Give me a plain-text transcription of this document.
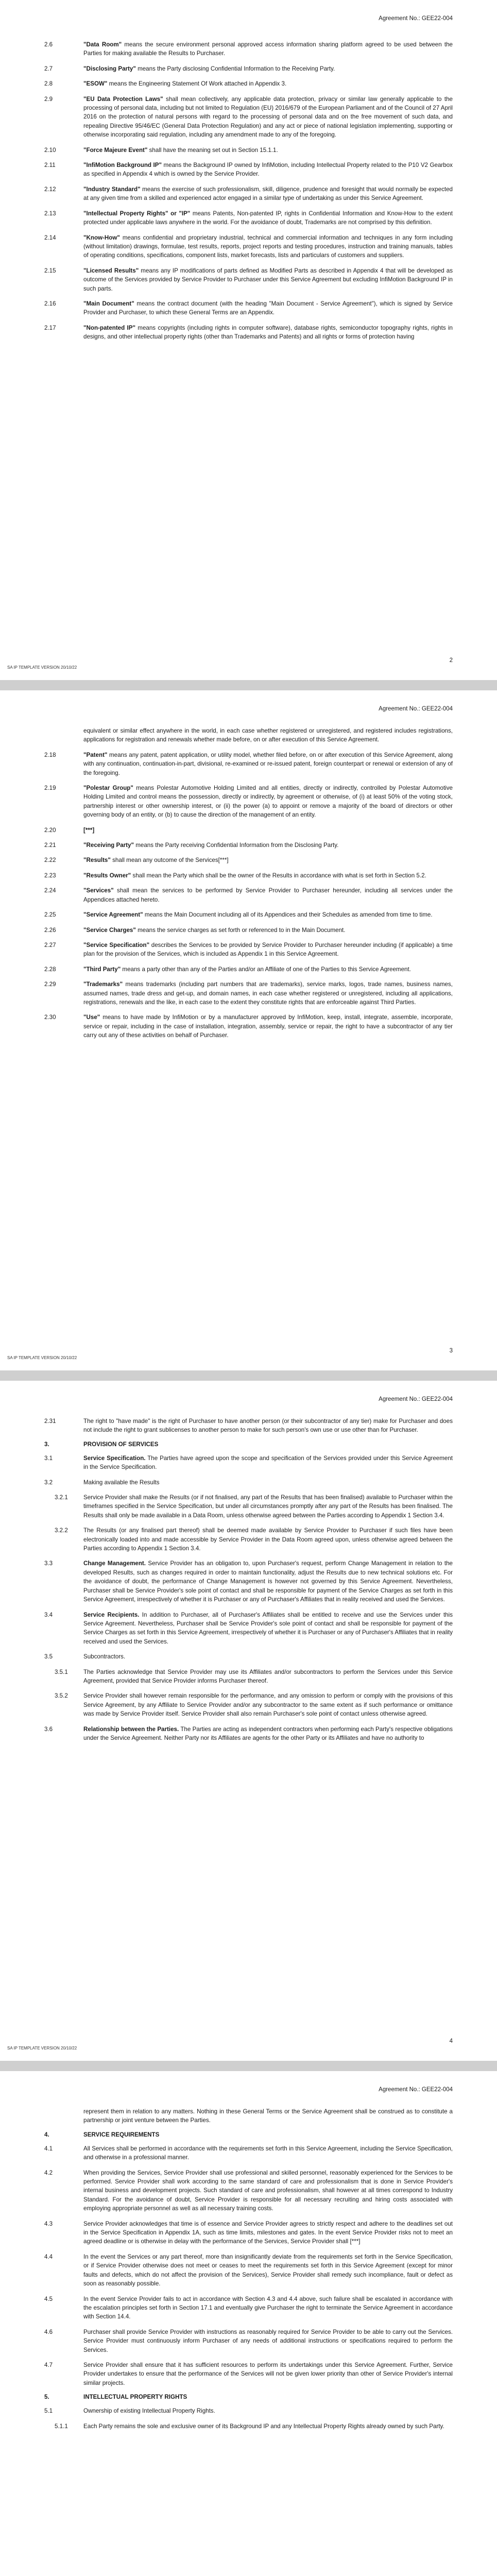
Agreement No.: GEE22-004
2.6	"Data Room" means the secure environment personal approved access information sharing platform agreed to be used between the Parties for making available the Results to Purchaser.
2.7	"Disclosing Party" means the Party disclosing Confidential Information to the Receiving Party.
2.8	"ESOW" means the Engineering Statement Of Work attached in Appendix 3.
2.9	"EU Data Protection Laws" shall mean collectively, any applicable data protection, privacy or similar law generally applicable to the processing of personal data, including but not limited to Regulation (EU) 2016/679 of the European Parliament and of the Council of 27 April 2016 on the protection of natural persons with regard to the processing of personal data and on the free movement of such data, and repealing Directive 95/46/EC (General Data Protection Regulation) and any act or piece of national legislation implementing, supporting or otherwise incorporating said regulation, including any amendment made to any of the foregoing.
2.10	"Force Majeure Event" shall have the meaning set out in Section 15.1.1.
2.11	"InfiMotion Background IP" means the Background IP owned by InfiMotion, including Intellectual Property related to the P10 V2 Gearbox as specified in Appendix 4 which is owned by the Service Provider.
2.12	"Industry Standard" means the exercise of such professionalism, skill, diligence, prudence and foresight that would normally be expected at any given time from a skilled and experienced actor engaged in a similar type of undertaking as under this Service Agreement.
2.13	"Intellectual Property Rights" or "IP" means Patents, Non-patented IP, rights in Confidential Information and Know-How to the extent protected under applicable laws anywhere in the world. For the avoidance of doubt, Trademarks are not comprised by this definition.
2.14	"Know-How" means confidential and proprietary industrial, technical and commercial information and techniques in any form including (without limitation) drawings, formulae, test results, reports, project reports and testing procedures, instruction and training manuals, tables of operating conditions, specifications, component lists, market forecasts, lists and particulars of customers and suppliers.
2.15	"Licensed Results" means any IP modifications of parts defined as Modified Parts as described in Appendix 4 that will be developed as outcome of the Services provided by Service Provider to Purchaser under this Service Agreement but excluding InfiMotion Background IP in such parts.
2.16	"Main Document" means the contract document (with the heading "Main Document - Service Agreement"), which is signed by Service Provider and Purchaser, to which these General Terms are an Appendix.
2.17	"Non-patented IP" means copyrights (including rights in computer software), database rights, semiconductor topography rights, rights in designs, and other intellectual property rights (other than Trademarks and Patents) and all rights or forms of protection having
SA IP TEMPLATE VERSION 20/10/22
2
Agreement No.: GEE22-004
equivalent or similar effect anywhere in the world, in each case whether registered or unregistered, and registered includes registrations, applications for registration and renewals whether made before, on or after execution of this Service Agreement.
2.18	"Patent" means any patent, patent application, or utility model, whether filed before, on or after execution of this Service Agreement, along with any continuation, continuation-in-part, divisional, re-examined or re-issued patent, foreign counterpart or renewal or extension of any of the foregoing.
2.19	"Polestar Group" means Polestar Automotive Holding Limited and all entities, directly or indirectly, controlled by Polestar Automotive Holding Limited and control means the possession, directly or indirectly, by agreement or otherwise, of (i) at least 50% of the voting stock, partnership interest or other ownership interest, or (ii) the power (a) to appoint or remove a majority of the board of directors or other governing body of an entity, or (b) to cause the direction of the management of an entity.
2.20	[***]
2.21	"Receiving Party" means the Party receiving Confidential Information from the Disclosing Party.
2.22	"Results" shall mean any outcome of the Services[***]
2.23	"Results Owner" shall mean the Party which shall be the owner of the Results in accordance with what is set forth in Section 5.2.
2.24	"Services" shall mean the services to be performed by Service Provider to Purchaser hereunder, including all services under the Appendices attached hereto.
2.25	"Service Agreement" means the Main Document including all of its Appendices and their Schedules as amended from time to time.
2.26	"Service Charges" means the service charges as set forth or referenced to in the Main Document.
2.27	"Service Specification" describes the Services to be provided by Service Provider to Purchaser hereunder including (if applicable) a time plan for the provision of the Services, which is included as Appendix 1 in this Service Agreement.
2.28	"Third Party" means a party other than any of the Parties and/or an Affiliate of one of the Parties to this Service Agreement.
2.29	"Trademarks" means trademarks (including part numbers that are trademarks), service marks, logos, trade names, business names, assumed names, trade dress and get-up, and domain names, in each case whether registered or unregistered, including all applications, registrations, renewals and the like, in each case to the extent they constitute rights that are enforceable against Third Parties.
2.30	"Use" means to have made by InfiMotion or by a manufacturer approved by InfiMotion, keep, install, integrate, assemble, incorporate, service or repair, including in the case of installation, integration, assembly, service or repair, the right to have a subcontractor of any tier carry out any of these activities on behalf of Purchaser.
SA IP TEMPLATE VERSION 20/10/22
3
Agreement No.: GEE22-004
2.31	The right to "have made" is the right of Purchaser to have another person (or their subcontractor of any tier) make for Purchaser and does not include the right to grant sublicenses to another person to make for such person's own use or use other than for Purchaser.
3.	PROVISION OF SERVICES
3.1	Service Specification. The Parties have agreed upon the scope and specification of the Services provided under this Service Agreement in the Service Specification.
3.2	Making available the Results
3.2.1	Service Provider shall make the Results (or if not finalised, any part of the Results that has been finalised) available to Purchaser within the timeframes specified in the Service Specification, but under all circumstances promptly after any part of the Results has been finalised. The Results shall only be made available in a Data Room, unless otherwise agreed between the Parties according to Appendix 1 Section 3.4.
3.2.2	The Results (or any finalised part thereof) shall be deemed made available by Service Provider to Purchaser if such files have been electronically loaded into and made accessible by Service Provider in the Data Room agreed upon, unless otherwise agreed between the Parties according to Appendix 1 Section 3.4.
3.3	Change Management. Service Provider has an obligation to, upon Purchaser's request, perform Change Management in relation to the developed Results, such as changes required in order to maintain functionality, adjust the Results due to new technical solutions etc. For the avoidance of doubt, the performance of Change Management is however not governed by this Service Agreement. Nevertheless, Purchaser shall be Service Provider's sole point of contact and shall be responsible for payment of the Service Charges as set forth in this Service Agreement, irrespectively of whether it is Purchaser or any of Purchaser's Affiliates that in reality received and used the Services.
3.4	Service Recipients. In addition to Purchaser, all of Purchaser's Affiliates shall be entitled to receive and use the Services under this Service Agreement. Nevertheless, Purchaser shall be Service Provider's sole point of contact and shall be responsible for payment of the Service Charges as set forth in this Service Agreement, irrespectively of whether it is Purchaser or any of Purchaser's Affiliates that in reality received and used the Services.
3.5	Subcontractors.
3.5.1	The Parties acknowledge that Service Provider may use its Affiliates and/or subcontractors to perform the Services under this Service Agreement, provided that Service Provider informs Purchaser thereof.
3.5.2	Service Provider shall however remain responsible for the performance, and any omission to perform or comply with the provisions of this Service Agreement, by any Affiliate to Service Provider and/or any subcontractor to the same extent as if such performance or omittance was made by Service Provider itself. Service Provider shall also remain Purchaser's sole point of contact unless otherwise agreed.
3.6	Relationship between the Parties. The Parties are acting as independent contractors when performing each Party's respective obligations under the Service Agreement. Neither Party nor its Affiliates are agents for the other Party or its Affiliates and have no authority to
SA IP TEMPLATE VERSION 20/10/22
4
Agreement No.: GEE22-004
represent them in relation to any matters. Nothing in these General Terms or the Service Agreement shall be construed as to constitute a partnership or joint venture between the Parties.
4.	SERVICE REQUIREMENTS
4.1	All Services shall be performed in accordance with the requirements set forth in this Service Agreement, including the Service Specification, and otherwise in a professional manner.
4.2	When providing the Services, Service Provider shall use professional and skilled personnel, reasonably experienced for the Services to be performed. Service Provider shall work according to the same standard of care and professionalism that is done in Service Provider's internal business and development projects. Such standard of care and professionalism, shall however at all times correspond to Industry Standard. For the avoidance of doubt, Service Provider is responsible for all necessary recruiting and hiring costs associated with employing appropriate personnel as well as all necessary training costs.
4.3	Service Provider acknowledges that time is of essence and Service Provider agrees to strictly respect and adhere to the deadlines set out in the Service Specification in Appendix 1A, such as time limits, milestones and gates. In the event Service Provider risks not to meet an agreed deadline or is otherwise in delay with the performance of the Services, Service Provider shall [***]
4.4	In the event the Services or any part thereof, more than insignificantly deviate from the requirements set forth in the Service Specification, or if Service Provider otherwise does not meet or ceases to meet the requirements set forth in this Service Agreement (except for minor faults and defects, which do not affect the provision of the Services), Service Provider shall remedy such incompliance, fault or defect as soon as reasonably possible.
4.5	In the event Service Provider fails to act in accordance with Section 4.3 and 4.4 above, such failure shall be escalated in accordance with the escalation principles set forth in Section 17.1 and eventually give Purchaser the right to terminate the Service Agreement in accordance with Section 14.4.
4.6	Purchaser shall provide Service Provider with instructions as reasonably required for Service Provider to be able to carry out the Services. Service Provider must continuously inform Purchaser of any needs of additional instructions or specifications required to perform the Services.
4.7	Service Provider shall ensure that it has sufficient resources to perform its undertakings under this Service Agreement. Further, Service Provider undertakes to ensure that the performance of the Services will not be given lower priority than other of Service Provider's internal similar projects.
5.	INTELLECTUAL PROPERTY RIGHTS
5.1	Ownership of existing Intellectual Property Rights.
5.1.1	Each Party remains the sole and exclusive owner of its Background IP and any Intellectual Property Rights already owned by such Party.
